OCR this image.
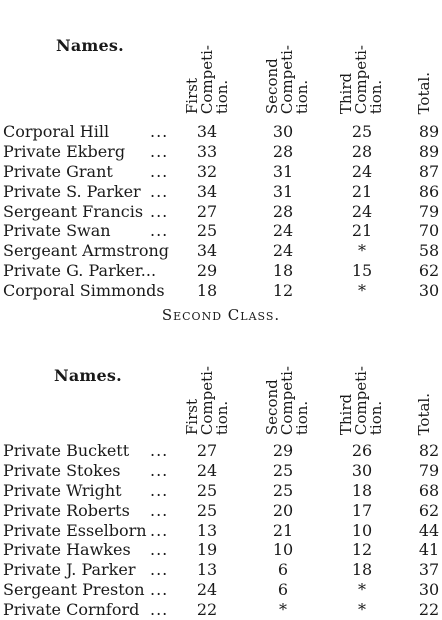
Names.
First
Competi-
tion. Second
Competi-
tion. Third
Competi-
tion. Total.
Corporal Hill	...	34	30	25	89
Private Ekberg ...	33	28	28	89
Private Grant ...	32	31	24	87
Private S. Parker ...	34	31	21	86
Sergeant Francis ...	27	28	24	79
Private Swan ...	25	24	21	70
Sergeant Armstrong	34	24	*	58
Private G. Parker...	29	18	15	62
Corporal Simmonds	18	12	*	30
Second Class.
Names.
First
Competi-
tion. Second
Competi-
tion. Third
Competi-
tion. Total.
Private Buckett ...	27	29	26	82
Private Stokes ...	24	25	30	79
Private Wright ...	25	25	18	68
Private Roberts ...	25	20	17	62
Private Esselborn ...	13	21	10	44
Private Hawkes ...	19	10	12	41
Private J. Parker ...	13	6	18	37
Sergeant Preston ...	24	6	*	30
Private Cornford ...	22	*	*	22
